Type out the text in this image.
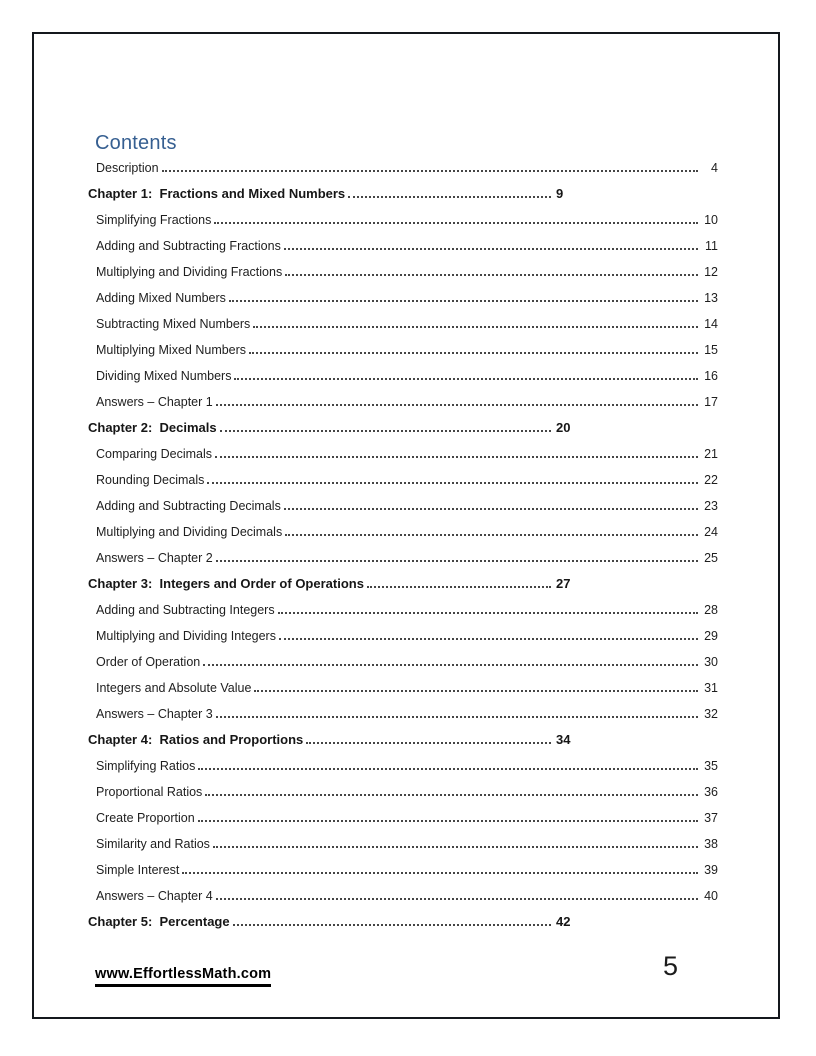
Contents
Description	4
Chapter 1:  Fractions and Mixed Numbers	9
Simplifying Fractions	10
Adding and Subtracting Fractions	11
Multiplying and Dividing Fractions	12
Adding Mixed Numbers	13
Subtracting Mixed Numbers	14
Multiplying Mixed Numbers	15
Dividing Mixed Numbers	16
Answers – Chapter 1	17
Chapter 2:  Decimals	20
Comparing Decimals	21
Rounding Decimals	22
Adding and Subtracting Decimals	23
Multiplying and Dividing Decimals	24
Answers – Chapter 2	25
Chapter 3:  Integers and Order of Operations	27
Adding and Subtracting Integers	28
Multiplying and Dividing Integers	29
Order of Operation	30
Integers and Absolute Value	31
Answers – Chapter 3	32
Chapter 4:  Ratios and Proportions	34
Simplifying Ratios	35
Proportional Ratios	36
Create Proportion	37
Similarity and Ratios	38
Simple Interest	39
Answers – Chapter 4	40
Chapter 5:  Percentage	42
www.EffortlessMath.com	5
